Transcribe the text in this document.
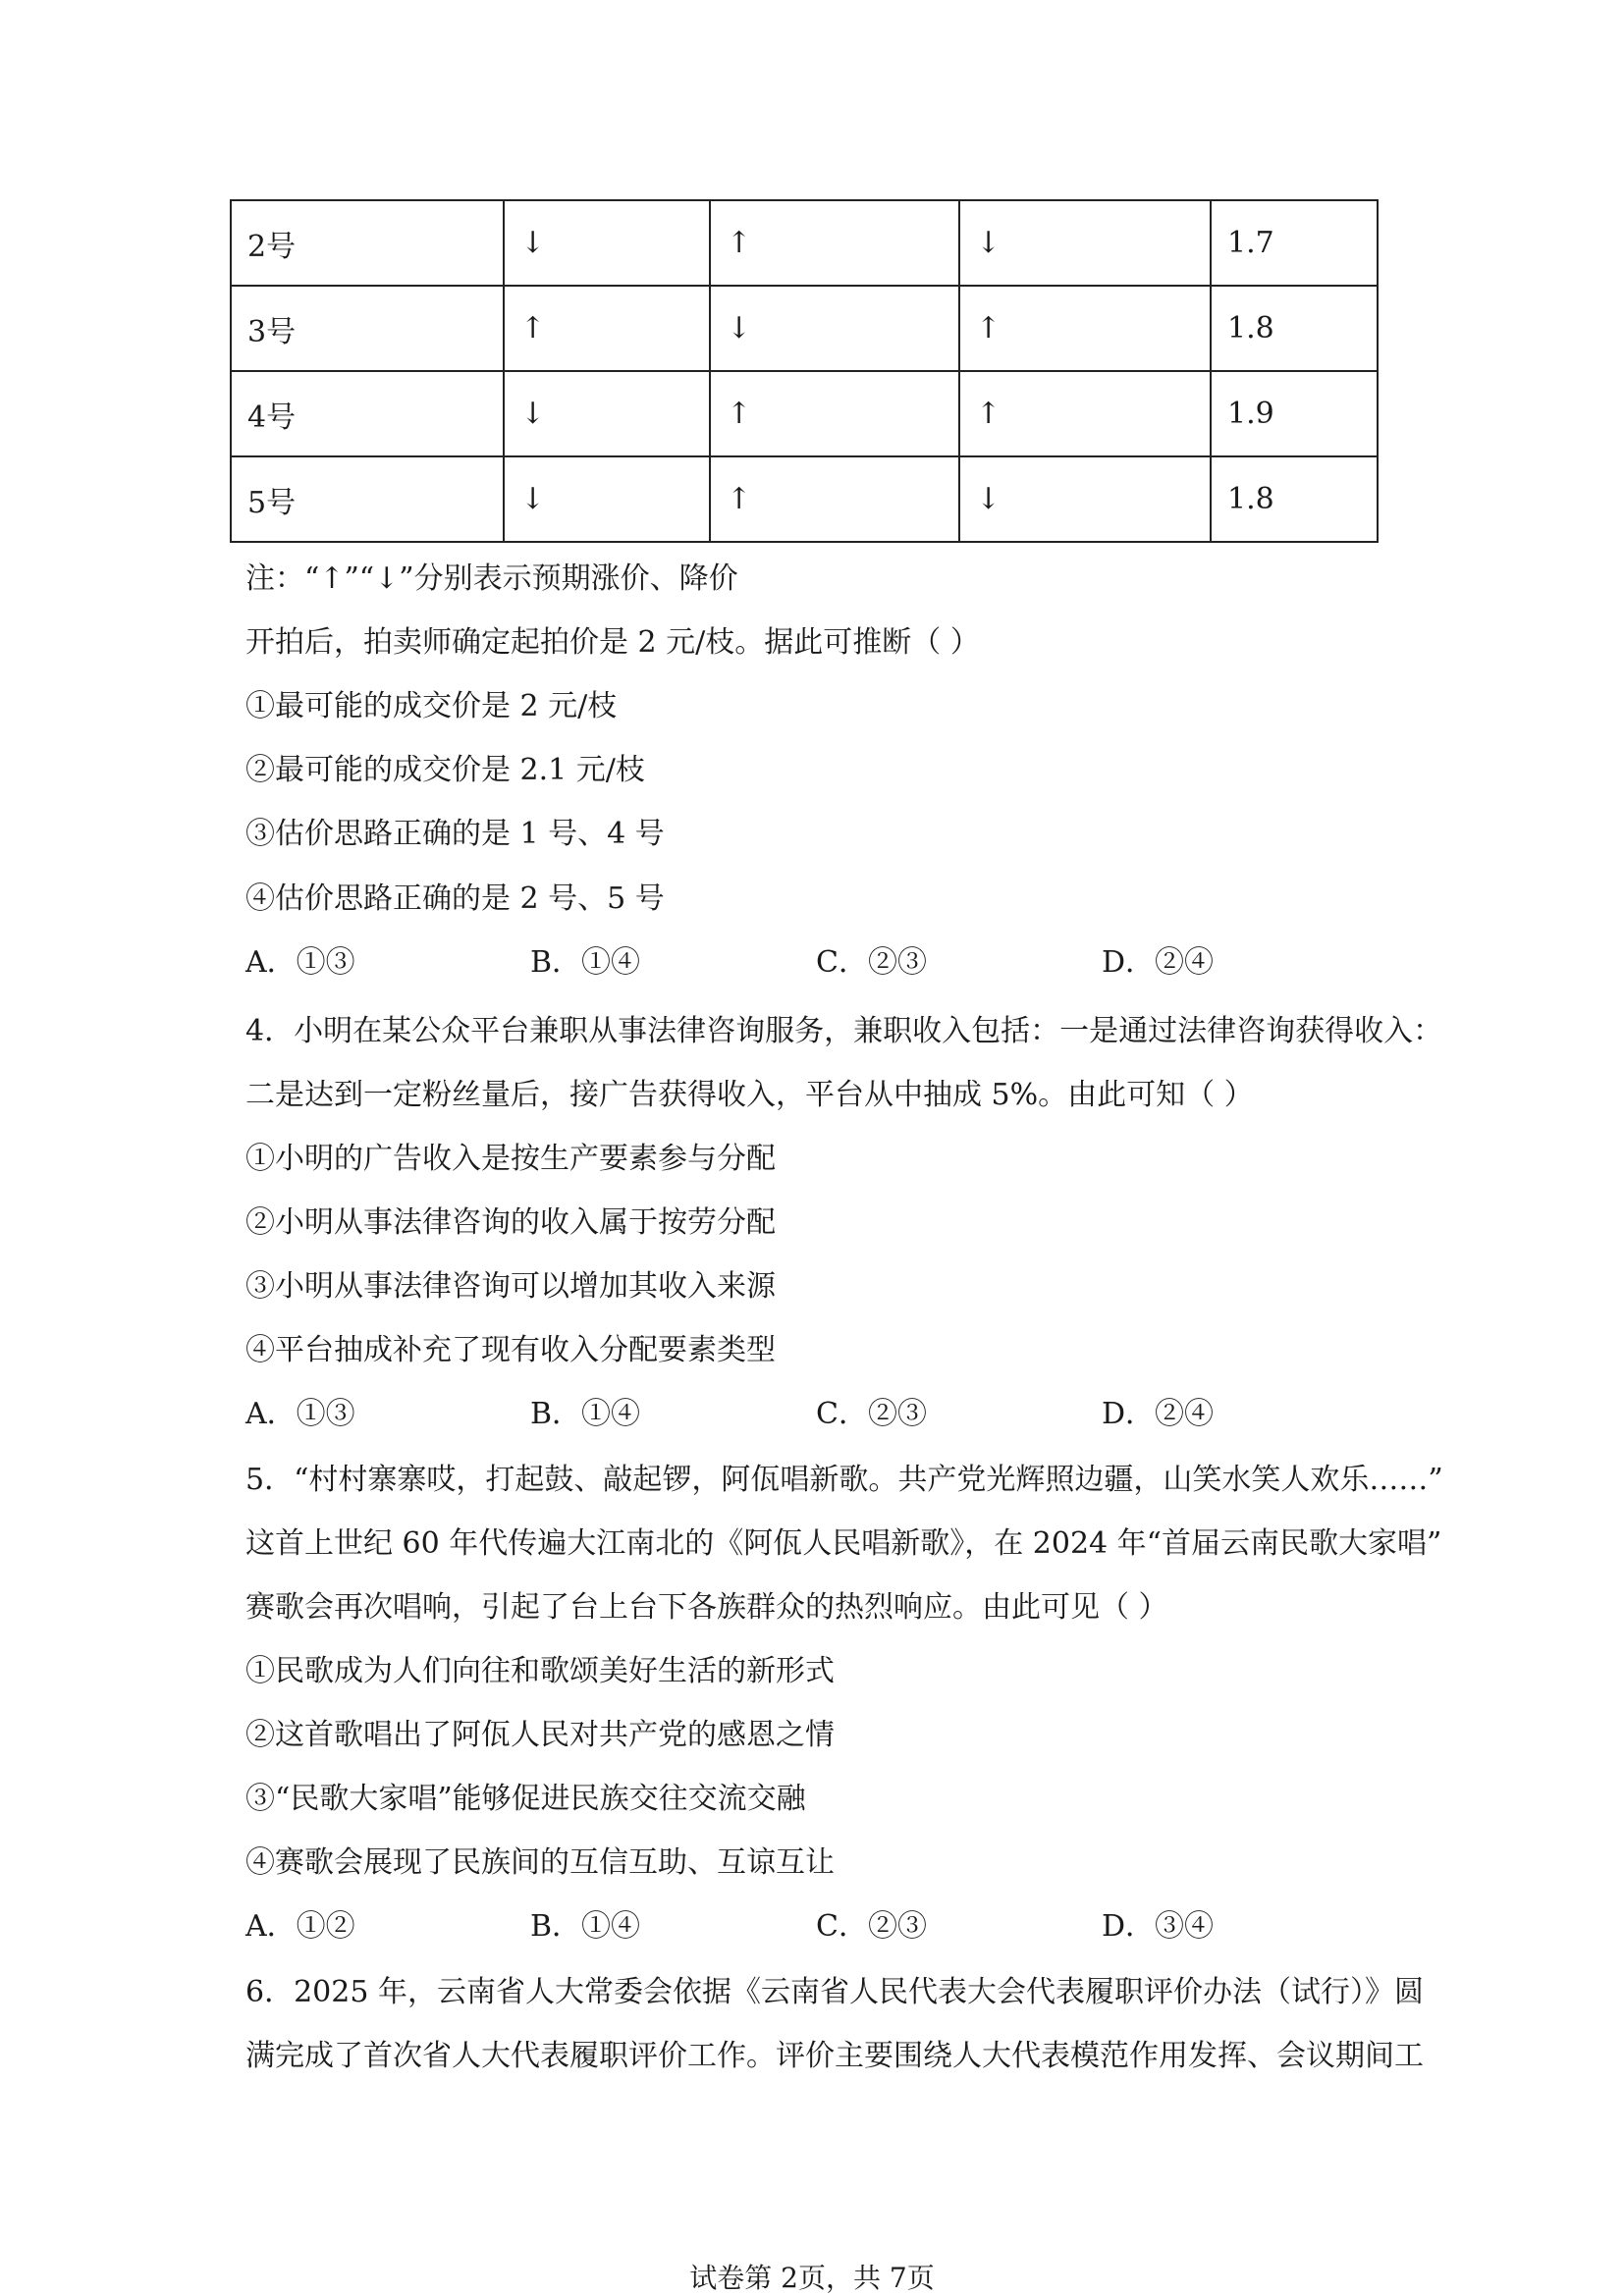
2号	↓	↑	↓	1.7
3号	↑	↓	↑	1.8
4号	↓	↑	↑	1.9
5号	↓	↑	↓	1.8
注：“↑”“↓”分别表示预期涨价、降价
开拍后，拍卖师确定起拍价是 2 元/枝。据此可推断（ ）
①最可能的成交价是 2 元/枝
②最可能的成交价是 2.1 元/枝
③估价思路正确的是 1 号、4 号
④估价思路正确的是 2 号、5 号
A．①③	B．①④	C．②③	D．②④
4．小明在某公众平台兼职从事法律咨询服务，兼职收入包括：一是通过法律咨询获得收入：
二是达到一定粉丝量后，接广告获得收入，平台从中抽成 5%。由此可知（ ）
①小明的广告收入是按生产要素参与分配
②小明从事法律咨询的收入属于按劳分配
③小明从事法律咨询可以增加其收入来源
④平台抽成补充了现有收入分配要素类型
A．①③	B．①④	C．②③	D．②④
5．“村村寨寨哎，打起鼓、敲起锣，阿佤唱新歌。共产党光辉照边疆，山笑水笑人欢乐……”
这首上世纪 60 年代传遍大江南北的《阿佤人民唱新歌》，在 2024 年“首届云南民歌大家唱”
赛歌会再次唱响，引起了台上台下各族群众的热烈响应。由此可见（ ）
①民歌成为人们向往和歌颂美好生活的新形式
②这首歌唱出了阿佤人民对共产党的感恩之情
③“民歌大家唱”能够促进民族交往交流交融
④赛歌会展现了民族间的互信互助、互谅互让
A．①②	B．①④	C．②③	D．③④
6．2025 年，云南省人大常委会依据《云南省人民代表大会代表履职评价办法（试行）》圆
满完成了首次省人大代表履职评价工作。评价主要围绕人大代表模范作用发挥、会议期间工
试卷第 2页，共 7页
